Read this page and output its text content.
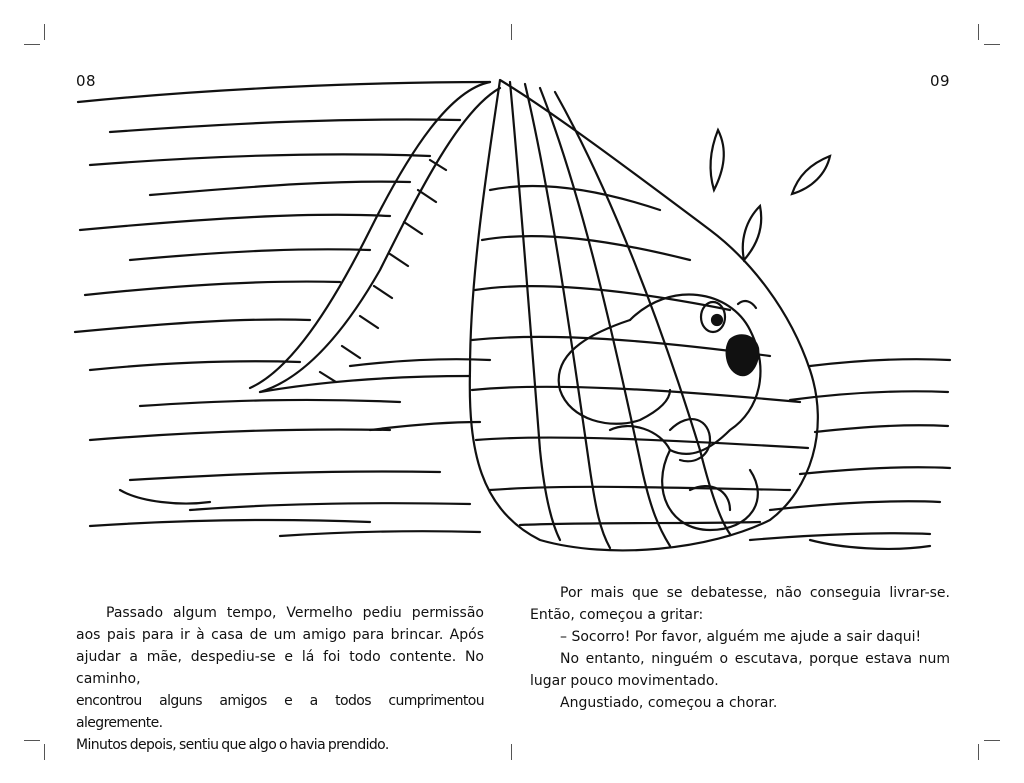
08	09

Passado algum tempo, Vermelho pediu permissão aos pais para ir à casa de um amigo para brincar. Após ajudar a mãe, despediu-se e lá foi todo contente. No caminho,

encontrou alguns amigos e a todos cumprimentou alegremente.

Minutos depois, sentiu que algo o havia prendido.

Por mais que se debatesse, não conseguia livrar-se. Então, começou a gritar:

– Socorro! Por favor, alguém me ajude a sair daqui!

No entanto, ninguém o escutava, porque estava num lugar pouco movimentado.

Angustiado, começou a chorar.
